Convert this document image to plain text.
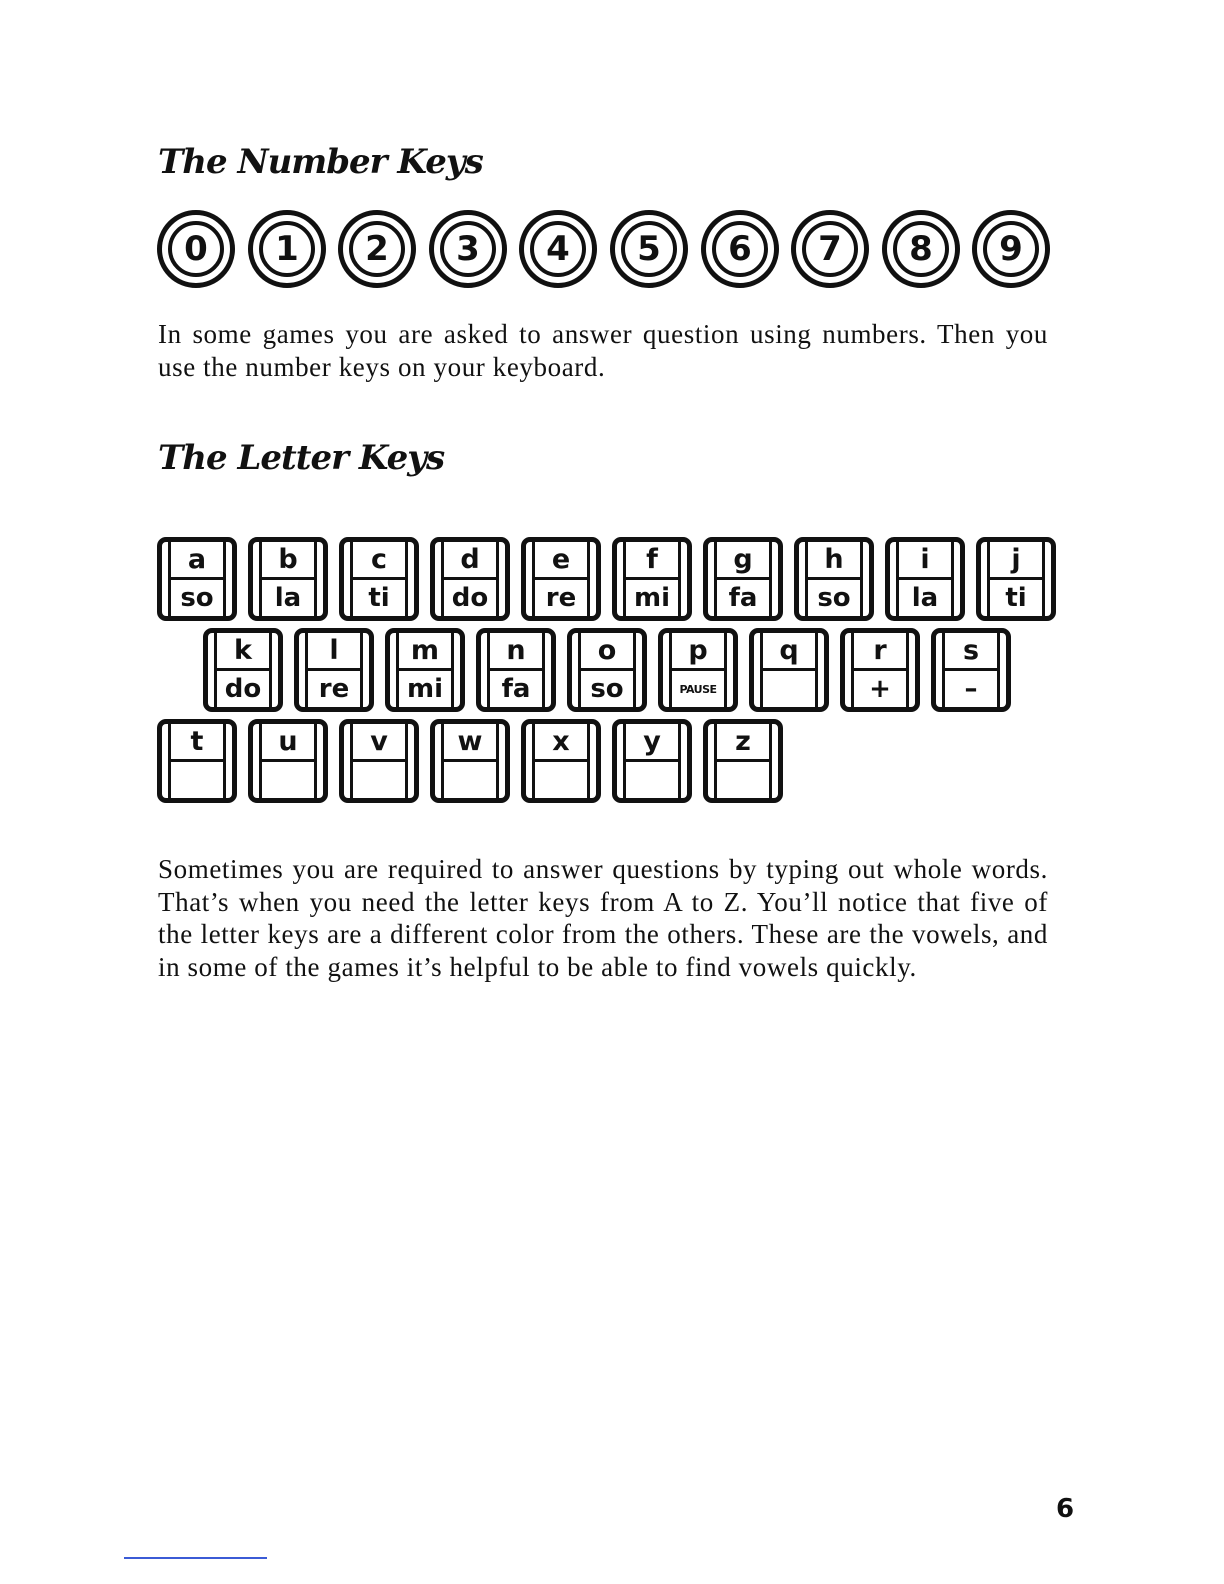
The Number Keys
0	1	2	3	4	5	6	7	8	9

In some games you are asked to answer question using numbers. Then you use the number keys on your keyboard.

The Letter Keys
a
so
b
la
c
ti
d
do
e
re
f
mi
g
fa
h
so
i
la
j
ti
k
do
l
re
m
mi
n
fa
o
so
p
PAUSE
q	r
+
s
–
t	u	v	w	x	y	z

Sometimes you are required to answer questions by typing out whole words. That’s when you need the letter keys from A to Z. You’ll notice that five of the letter keys are a different color from the others. These are the vowels, and in some of the games it’s helpful to be able to find vowels quickly.

6
